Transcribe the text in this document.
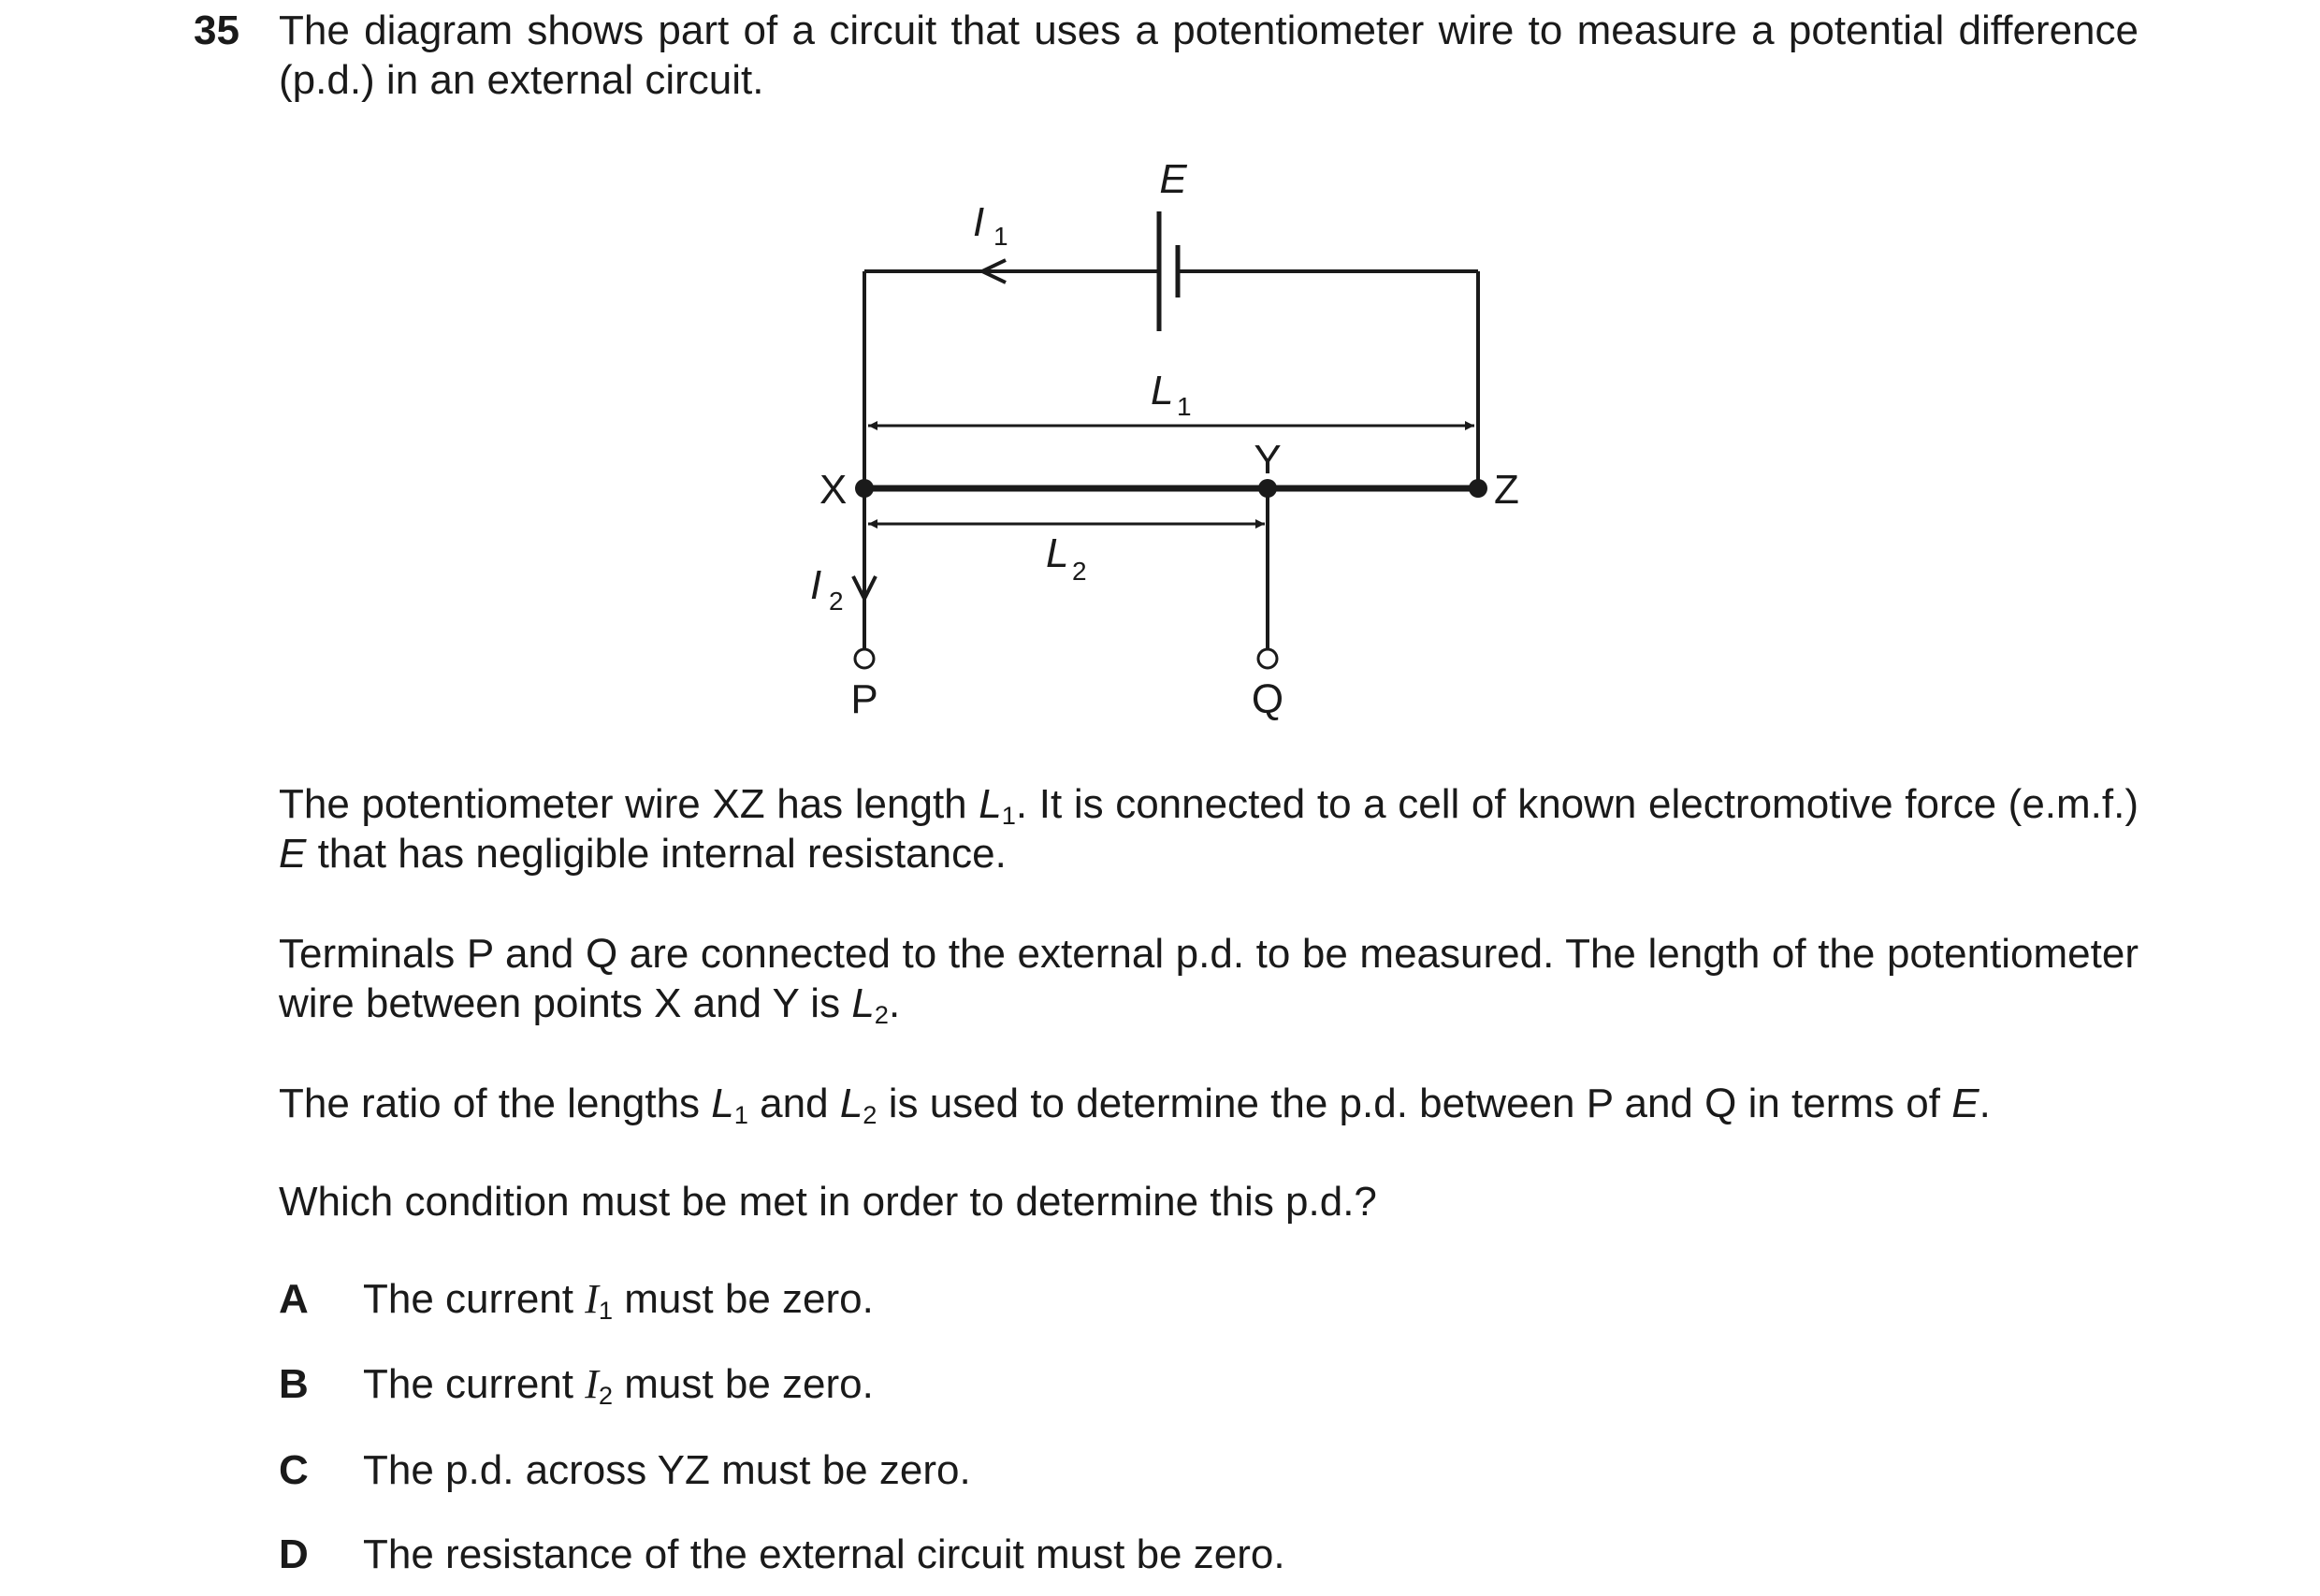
35 The diagram shows part of a circuit that uses a potentiometer wire to measure a potential difference (p.d.) in an external circuit.
E
I 1
L 1
L 2
I 2
X
Y
Z
P	Q
The potentiometer wire XZ has length $L_1$. It is connected to a cell of known electromotive force (e.m.f.) E that has negligible internal resistance.
Terminals P and Q are connected to the external p.d. to be measured. The length of the potentiometer wire between points X and Y is $L_2$.
The ratio of the lengths $L_1$ and $L_2$ is used to determine the p.d. between P and Q in terms of E.
Which condition must be met in order to determine this p.d.?
A The current $I_1$ must be zero.
B The current $I_2$ must be zero.
C The p.d. across YZ must be zero.
D The resistance of the external circuit must be zero.
